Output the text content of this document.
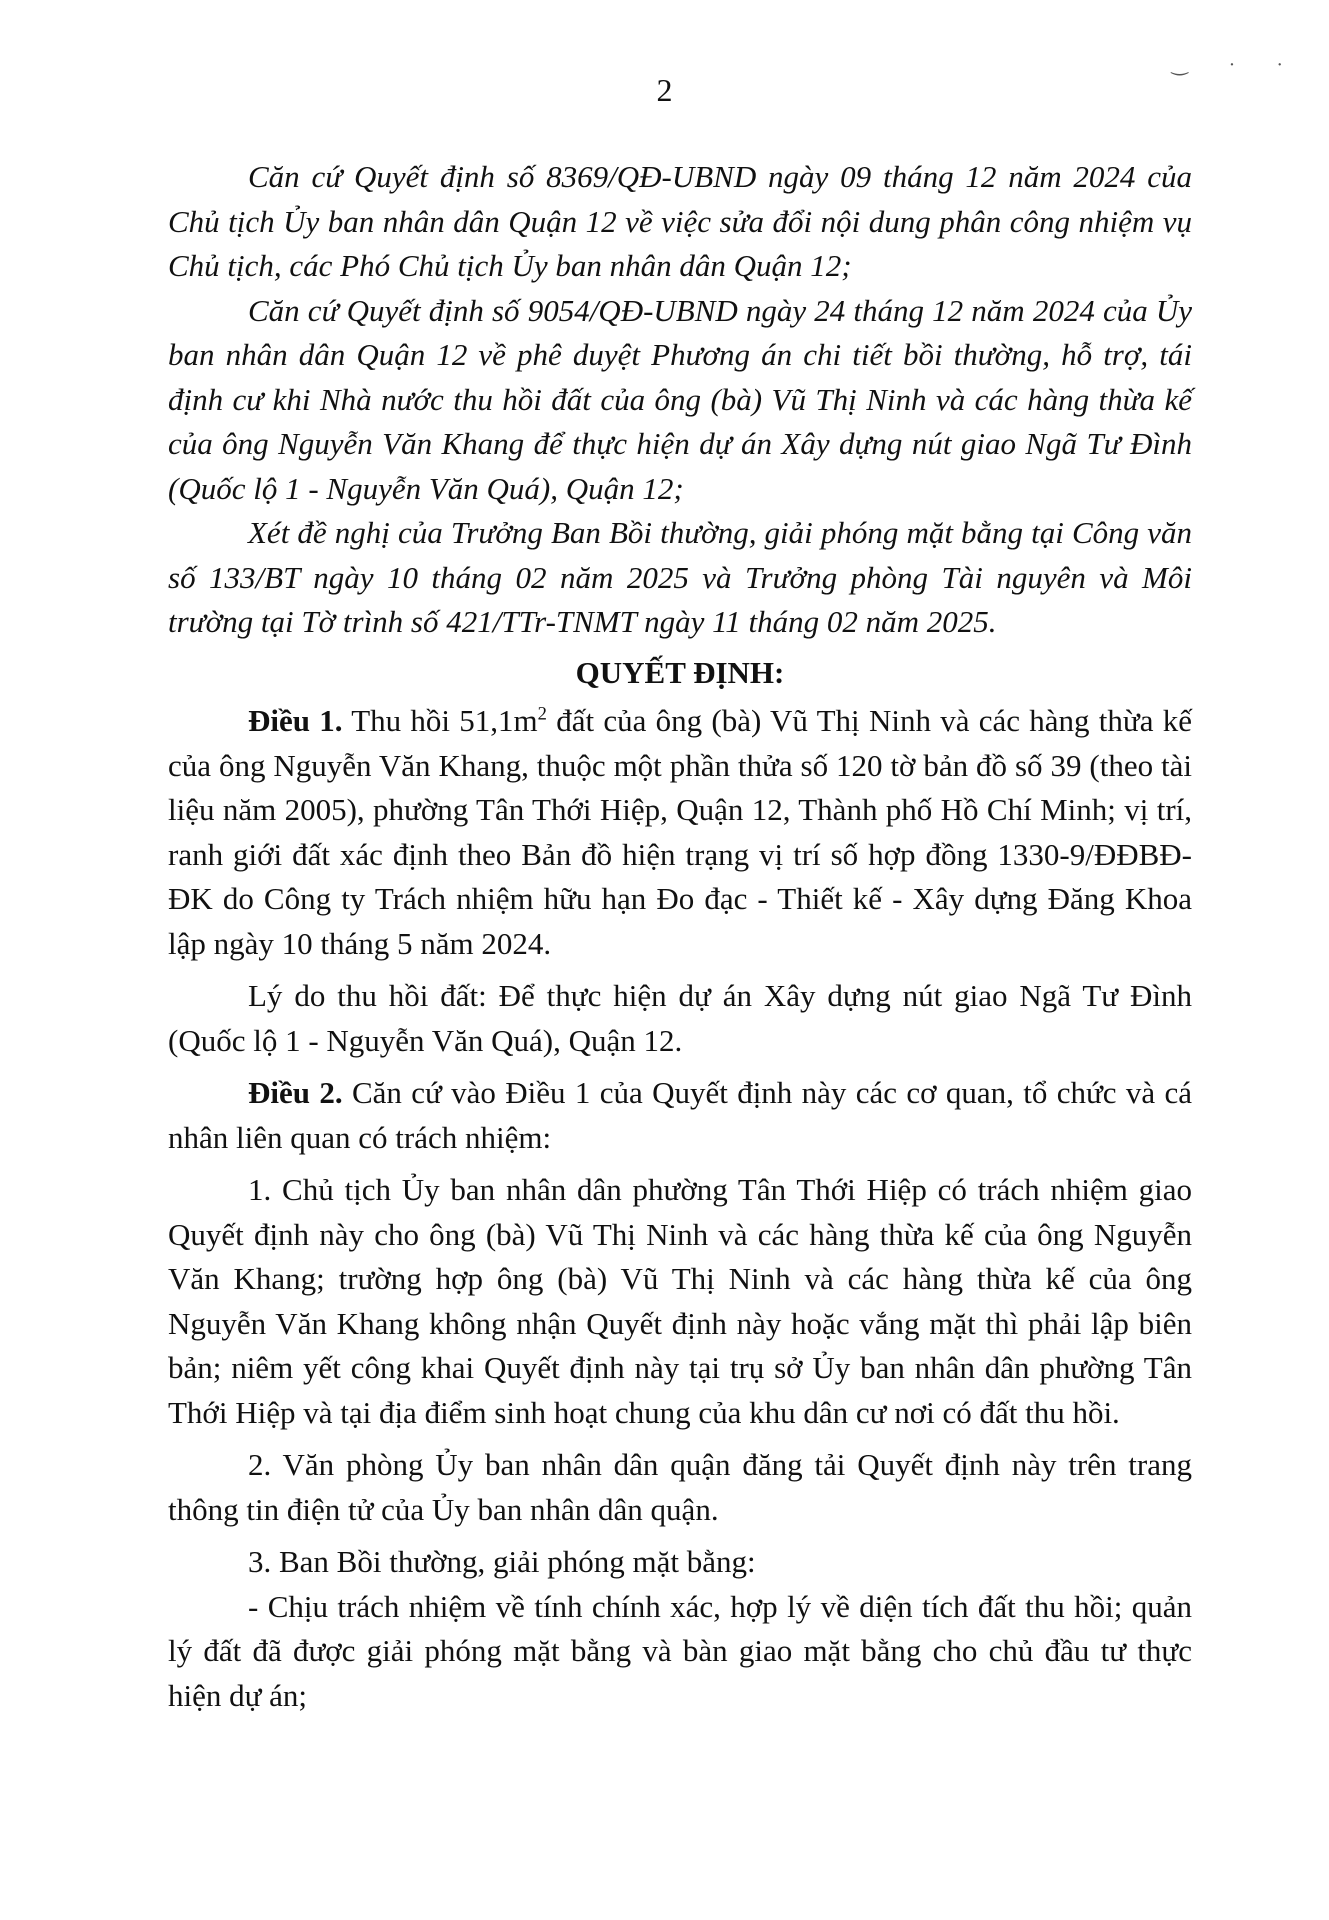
‿ · ·
2

Căn cứ Quyết định số 8369/QĐ-UBND ngày 09 tháng 12 năm 2024 của Chủ tịch Ủy ban nhân dân Quận 12 về việc sửa đổi nội dung phân công nhiệm vụ Chủ tịch, các Phó Chủ tịch Ủy ban nhân dân Quận 12;

Căn cứ Quyết định số 9054/QĐ-UBND ngày 24 tháng 12 năm 2024 của Ủy ban nhân dân Quận 12 về phê duyệt Phương án chi tiết bồi thường, hỗ trợ, tái định cư khi Nhà nước thu hồi đất của ông (bà) Vũ Thị Ninh và các hàng thừa kế của ông Nguyễn Văn Khang để thực hiện dự án Xây dựng nút giao Ngã Tư Đình (Quốc lộ 1 - Nguyễn Văn Quá), Quận 12;

Xét đề nghị của Trưởng Ban Bồi thường, giải phóng mặt bằng tại Công văn số 133/BT ngày 10 tháng 02 năm 2025 và Trưởng phòng Tài nguyên và Môi trường tại Tờ trình số 421/TTr-TNMT ngày 11 tháng 02 năm 2025.

QUYẾT ĐỊNH:

Điều 1. Thu hồi $51,1m^2$ đất của ông (bà) Vũ Thị Ninh và các hàng thừa kế của ông Nguyễn Văn Khang, thuộc một phần thửa số 120 tờ bản đồ số 39 (theo tài liệu năm 2005), phường Tân Thới Hiệp, Quận 12, Thành phố Hồ Chí Minh; vị trí, ranh giới đất xác định theo Bản đồ hiện trạng vị trí số hợp đồng 1330-9/ĐĐBĐ-ĐK do Công ty Trách nhiệm hữu hạn Đo đạc - Thiết kế - Xây dựng Đăng Khoa lập ngày 10 tháng 5 năm 2024.

Lý do thu hồi đất: Để thực hiện dự án Xây dựng nút giao Ngã Tư Đình (Quốc lộ 1 - Nguyễn Văn Quá), Quận 12.

Điều 2. Căn cứ vào Điều 1 của Quyết định này các cơ quan, tổ chức và cá nhân liên quan có trách nhiệm:

1. Chủ tịch Ủy ban nhân dân phường Tân Thới Hiệp có trách nhiệm giao Quyết định này cho ông (bà) Vũ Thị Ninh và các hàng thừa kế của ông Nguyễn Văn Khang; trường hợp ông (bà) Vũ Thị Ninh và các hàng thừa kế của ông Nguyễn Văn Khang không nhận Quyết định này hoặc vắng mặt thì phải lập biên bản; niêm yết công khai Quyết định này tại trụ sở Ủy ban nhân dân phường Tân Thới Hiệp và tại địa điểm sinh hoạt chung của khu dân cư nơi có đất thu hồi.

2. Văn phòng Ủy ban nhân dân quận đăng tải Quyết định này trên trang thông tin điện tử của Ủy ban nhân dân quận.

3. Ban Bồi thường, giải phóng mặt bằng:

- Chịu trách nhiệm về tính chính xác, hợp lý về diện tích đất thu hồi; quản lý đất đã được giải phóng mặt bằng và bàn giao mặt bằng cho chủ đầu tư thực hiện dự án;
